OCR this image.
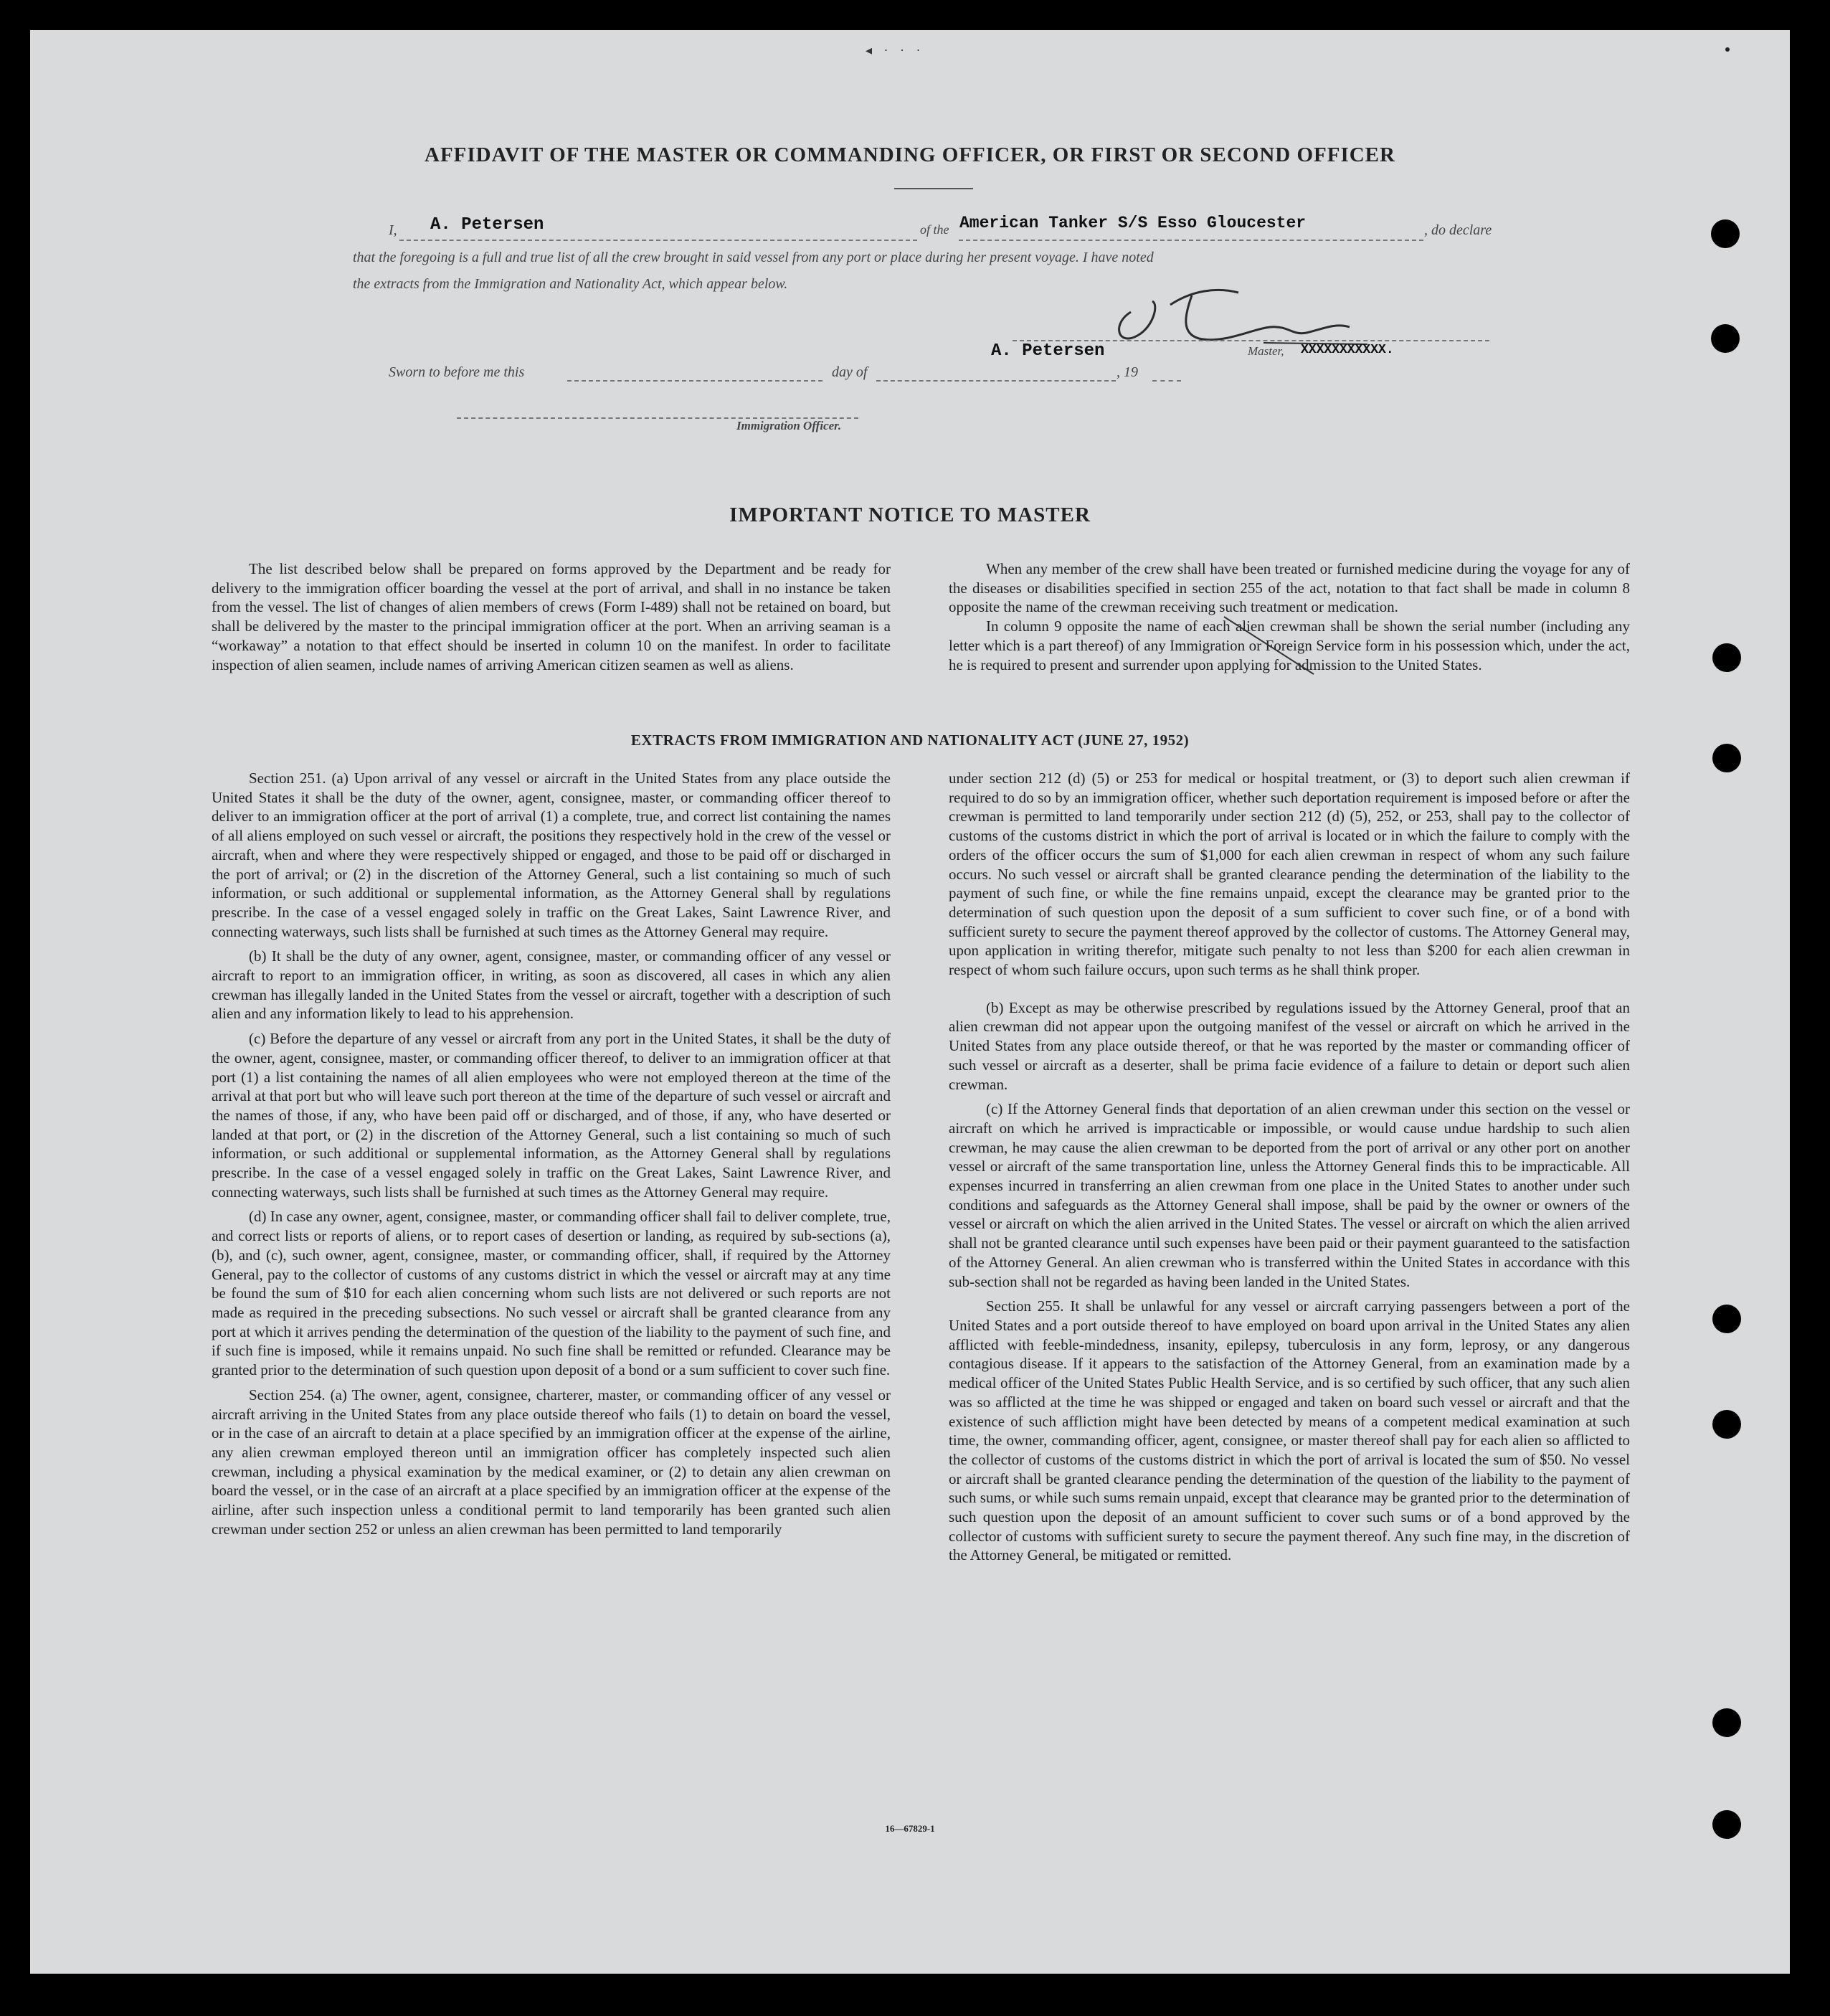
◂ · · ·
AFFIDAVIT OF THE MASTER OR COMMANDING OFFICER, OR FIRST OR SECOND OFFICER
I, A. Petersen	of the American Tanker S/S Esso Gloucester	, do declare
that the foregoing is a full and true list of all the crew brought in said vessel from any port or place during her present voyage. I have noted
the extracts from the Immigration and Nationality Act, which appear below.
A. Petersen	Master, XXXXXXXXXXX.
Sworn to before me this	day of	, 19
Immigration Officer.
IMPORTANT NOTICE TO MASTER

The list described below shall be prepared on forms approved by the Department and be ready for delivery to the immigration officer boarding the vessel at the port of arrival, and shall in no instance be taken from the vessel. The list of changes of alien members of crews (Form I-489) shall not be retained on board, but shall be delivered by the master to the principal immigration officer at the port. When an arriving seaman is a “workaway” a notation to that effect should be inserted in column 10 on the manifest. In order to facilitate inspection of alien seamen, include names of arriving American citizen seamen as well as aliens.

When any member of the crew shall have been treated or furnished medicine during the voyage for any of the diseases or disabilities specified in section 255 of the act, notation to that fact shall be made in column 8 opposite the name of the crewman receiving such treatment or medication.

In column 9 opposite the name of each alien crewman shall be shown the serial number (including any letter which is a part thereof) of any Immigration or Foreign Service form in his possession which, under the act, he is required to present and surrender upon applying for admission to the United States.

EXTRACTS FROM IMMIGRATION AND NATIONALITY ACT (JUNE 27, 1952)

Section 251. (a) Upon arrival of any vessel or aircraft in the United States from any place outside the United States it shall be the duty of the owner, agent, consignee, master, or commanding officer thereof to deliver to an immigration officer at the port of arrival (1) a complete, true, and correct list containing the names of all aliens employed on such vessel or aircraft, the positions they respectively hold in the crew of the vessel or aircraft, when and where they were respectively shipped or engaged, and those to be paid off or discharged in the port of arrival; or (2) in the discretion of the Attorney General, such a list containing so much of such information, or such additional or supplemental information, as the Attorney General shall by regulations prescribe. In the case of a vessel engaged solely in traffic on the Great Lakes, Saint Lawrence River, and connecting waterways, such lists shall be furnished at such times as the Attorney General may require.

(b) It shall be the duty of any owner, agent, consignee, master, or commanding officer of any vessel or aircraft to report to an immigration officer, in writing, as soon as discovered, all cases in which any alien crewman has illegally landed in the United States from the vessel or aircraft, together with a description of such alien and any information likely to lead to his apprehension.

(c) Before the departure of any vessel or aircraft from any port in the United States, it shall be the duty of the owner, agent, consignee, master, or commanding officer thereof, to deliver to an immigration officer at that port (1) a list containing the names of all alien employees who were not employed thereon at the time of the arrival at that port but who will leave such port thereon at the time of the departure of such vessel or aircraft and the names of those, if any, who have been paid off or discharged, and of those, if any, who have deserted or landed at that port, or (2) in the discretion of the Attorney General, such a list containing so much of such information, or such additional or supplemental information, as the Attorney General shall by regulations prescribe. In the case of a vessel engaged solely in traffic on the Great Lakes, Saint Lawrence River, and connecting waterways, such lists shall be furnished at such times as the Attorney General may require.

(d) In case any owner, agent, consignee, master, or commanding officer shall fail to deliver complete, true, and correct lists or reports of aliens, or to report cases of desertion or landing, as required by sub-sections (a), (b), and (c), such owner, agent, consignee, master, or commanding officer, shall, if required by the Attorney General, pay to the collector of customs of any customs district in which the vessel or aircraft may at any time be found the sum of $10 for each alien concerning whom such lists are not delivered or such reports are not made as required in the preceding subsections. No such vessel or aircraft shall be granted clearance from any port at which it arrives pending the determination of the question of the liability to the payment of such fine, and if such fine is imposed, while it remains unpaid. No such fine shall be remitted or refunded. Clearance may be granted prior to the determination of such question upon deposit of a bond or a sum sufficient to cover such fine.

Section 254. (a) The owner, agent, consignee, charterer, master, or commanding officer of any vessel or aircraft arriving in the United States from any place outside thereof who fails (1) to detain on board the vessel, or in the case of an aircraft to detain at a place specified by an immigration officer at the expense of the airline, any alien crewman employed thereon until an immigration officer has completely inspected such alien crewman, including a physical examination by the medical examiner, or (2) to detain any alien crewman on board the vessel, or in the case of an aircraft at a place specified by an immigration officer at the expense of the airline, after such inspection unless a conditional permit to land temporarily has been granted such alien crewman under section 252 or unless an alien crewman has been permitted to land temporarily

under section 212 (d) (5) or 253 for medical or hospital treatment, or (3) to deport such alien crewman if required to do so by an immigration officer, whether such deportation requirement is imposed before or after the crewman is permitted to land temporarily under section 212 (d) (5), 252, or 253, shall pay to the collector of customs of the customs district in which the port of arrival is located or in which the failure to comply with the orders of the officer occurs the sum of $1,000 for each alien crewman in respect of whom any such failure occurs. No such vessel or aircraft shall be granted clearance pending the determination of the liability to the payment of such fine, or while the fine remains unpaid, except the clearance may be granted prior to the determination of such question upon the deposit of a sum sufficient to cover such fine, or of a bond with sufficient surety to secure the payment thereof approved by the collector of customs. The Attorney General may, upon application in writing therefor, mitigate such penalty to not less than $200 for each alien crewman in respect of whom such failure occurs, upon such terms as he shall think proper.

(b) Except as may be otherwise prescribed by regulations issued by the Attorney General, proof that an alien crewman did not appear upon the outgoing manifest of the vessel or aircraft on which he arrived in the United States from any place outside thereof, or that he was reported by the master or commanding officer of such vessel or aircraft as a deserter, shall be prima facie evidence of a failure to detain or deport such alien crewman.

(c) If the Attorney General finds that deportation of an alien crewman under this section on the vessel or aircraft on which he arrived is impracticable or impossible, or would cause undue hardship to such alien crewman, he may cause the alien crewman to be deported from the port of arrival or any other port on another vessel or aircraft of the same transportation line, unless the Attorney General finds this to be impracticable. All expenses incurred in transferring an alien crewman from one place in the United States to another under such conditions and safeguards as the Attorney General shall impose, shall be paid by the owner or owners of the vessel or aircraft on which the alien arrived in the United States. The vessel or aircraft on which the alien arrived shall not be granted clearance until such expenses have been paid or their payment guaranteed to the satisfaction of the Attorney General. An alien crewman who is transferred within the United States in accordance with this sub-section shall not be regarded as having been landed in the United States.

Section 255. It shall be unlawful for any vessel or aircraft carrying passengers between a port of the United States and a port outside thereof to have employed on board upon arrival in the United States any alien afflicted with feeble-mindedness, insanity, epilepsy, tuberculosis in any form, leprosy, or any dangerous contagious disease. If it appears to the satisfaction of the Attorney General, from an examination made by a medical officer of the United States Public Health Service, and is so certified by such officer, that any such alien was so afflicted at the time he was shipped or engaged and taken on board such vessel or aircraft and that the existence of such affliction might have been detected by means of a competent medical examination at such time, the owner, commanding officer, agent, consignee, or master thereof shall pay for each alien so afflicted to the collector of customs of the customs district in which the port of arrival is located the sum of $50. No vessel or aircraft shall be granted clearance pending the determination of the question of the liability to the payment of such sums, or while such sums remain unpaid, except that clearance may be granted prior to the determination of such question upon the deposit of an amount sufficient to cover such sums or of a bond approved by the collector of customs with sufficient surety to secure the payment thereof. Any such fine may, in the discretion of the Attorney General, be mitigated or remitted.

16—67829-1
